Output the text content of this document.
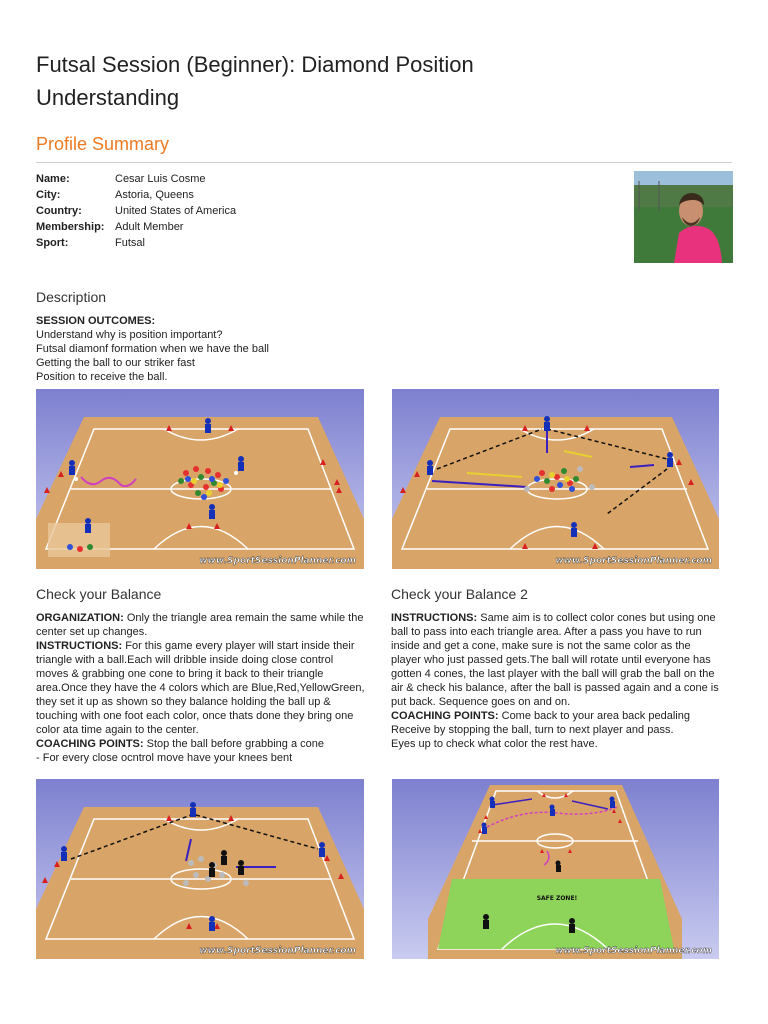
Futsal Session (Beginner): Diamond Position Understanding
Profile Summary
Name:	Cesar Luis Cosme
City:	Astoria, Queens
Country:	United States of America
Membership: Adult Member
Sport:	Futsal
Description
SESSION OUTCOMES:
Understand why is position important?
Futsal diamonf formation when we have the ball
Getting the ball to our striker fast
Position to receive the ball.
www.SportSessionPlanner.com	www.SportSessionPlanner.com
Check your Balance
ORGANIZATION: Only the triangle area remain the same while the center set up changes.
INSTRUCTIONS: For this game every player will start inside their triangle with a ball.Each will dribble inside doing close control moves & grabbing one cone to bring it back to their triangle area.Once they have the 4 colors which are Blue,Red,YellowGreen, they set it up as shown so they balance holding the ball up & touching with one foot each color, once thats done they bring one color ata time again to the center.
COACHING POINTS: Stop the ball before grabbing a cone
- For every close ocntrol move have your knees bent
Check your Balance 2
INSTRUCTIONS: Same aim is to collect color cones but using one ball to pass into each triangle area. After a pass you have to run inside and get a cone, make sure is not the same color as the player who just passed gets.The ball will rotate until everyone has gotten 4 cones, the last player with the ball will grab the ball on the air & check his balance, after the ball is passed again and a cone is put back. Sequence goes on and on.
COACHING POINTS: Come back to your area back pedaling
Receive by stopping the ball, turn to next player and pass.
Eyes up to check what color the rest have.
www.SportSessionPlanner.com
SAFE ZONE!
www.SportSessionPlanner.com
